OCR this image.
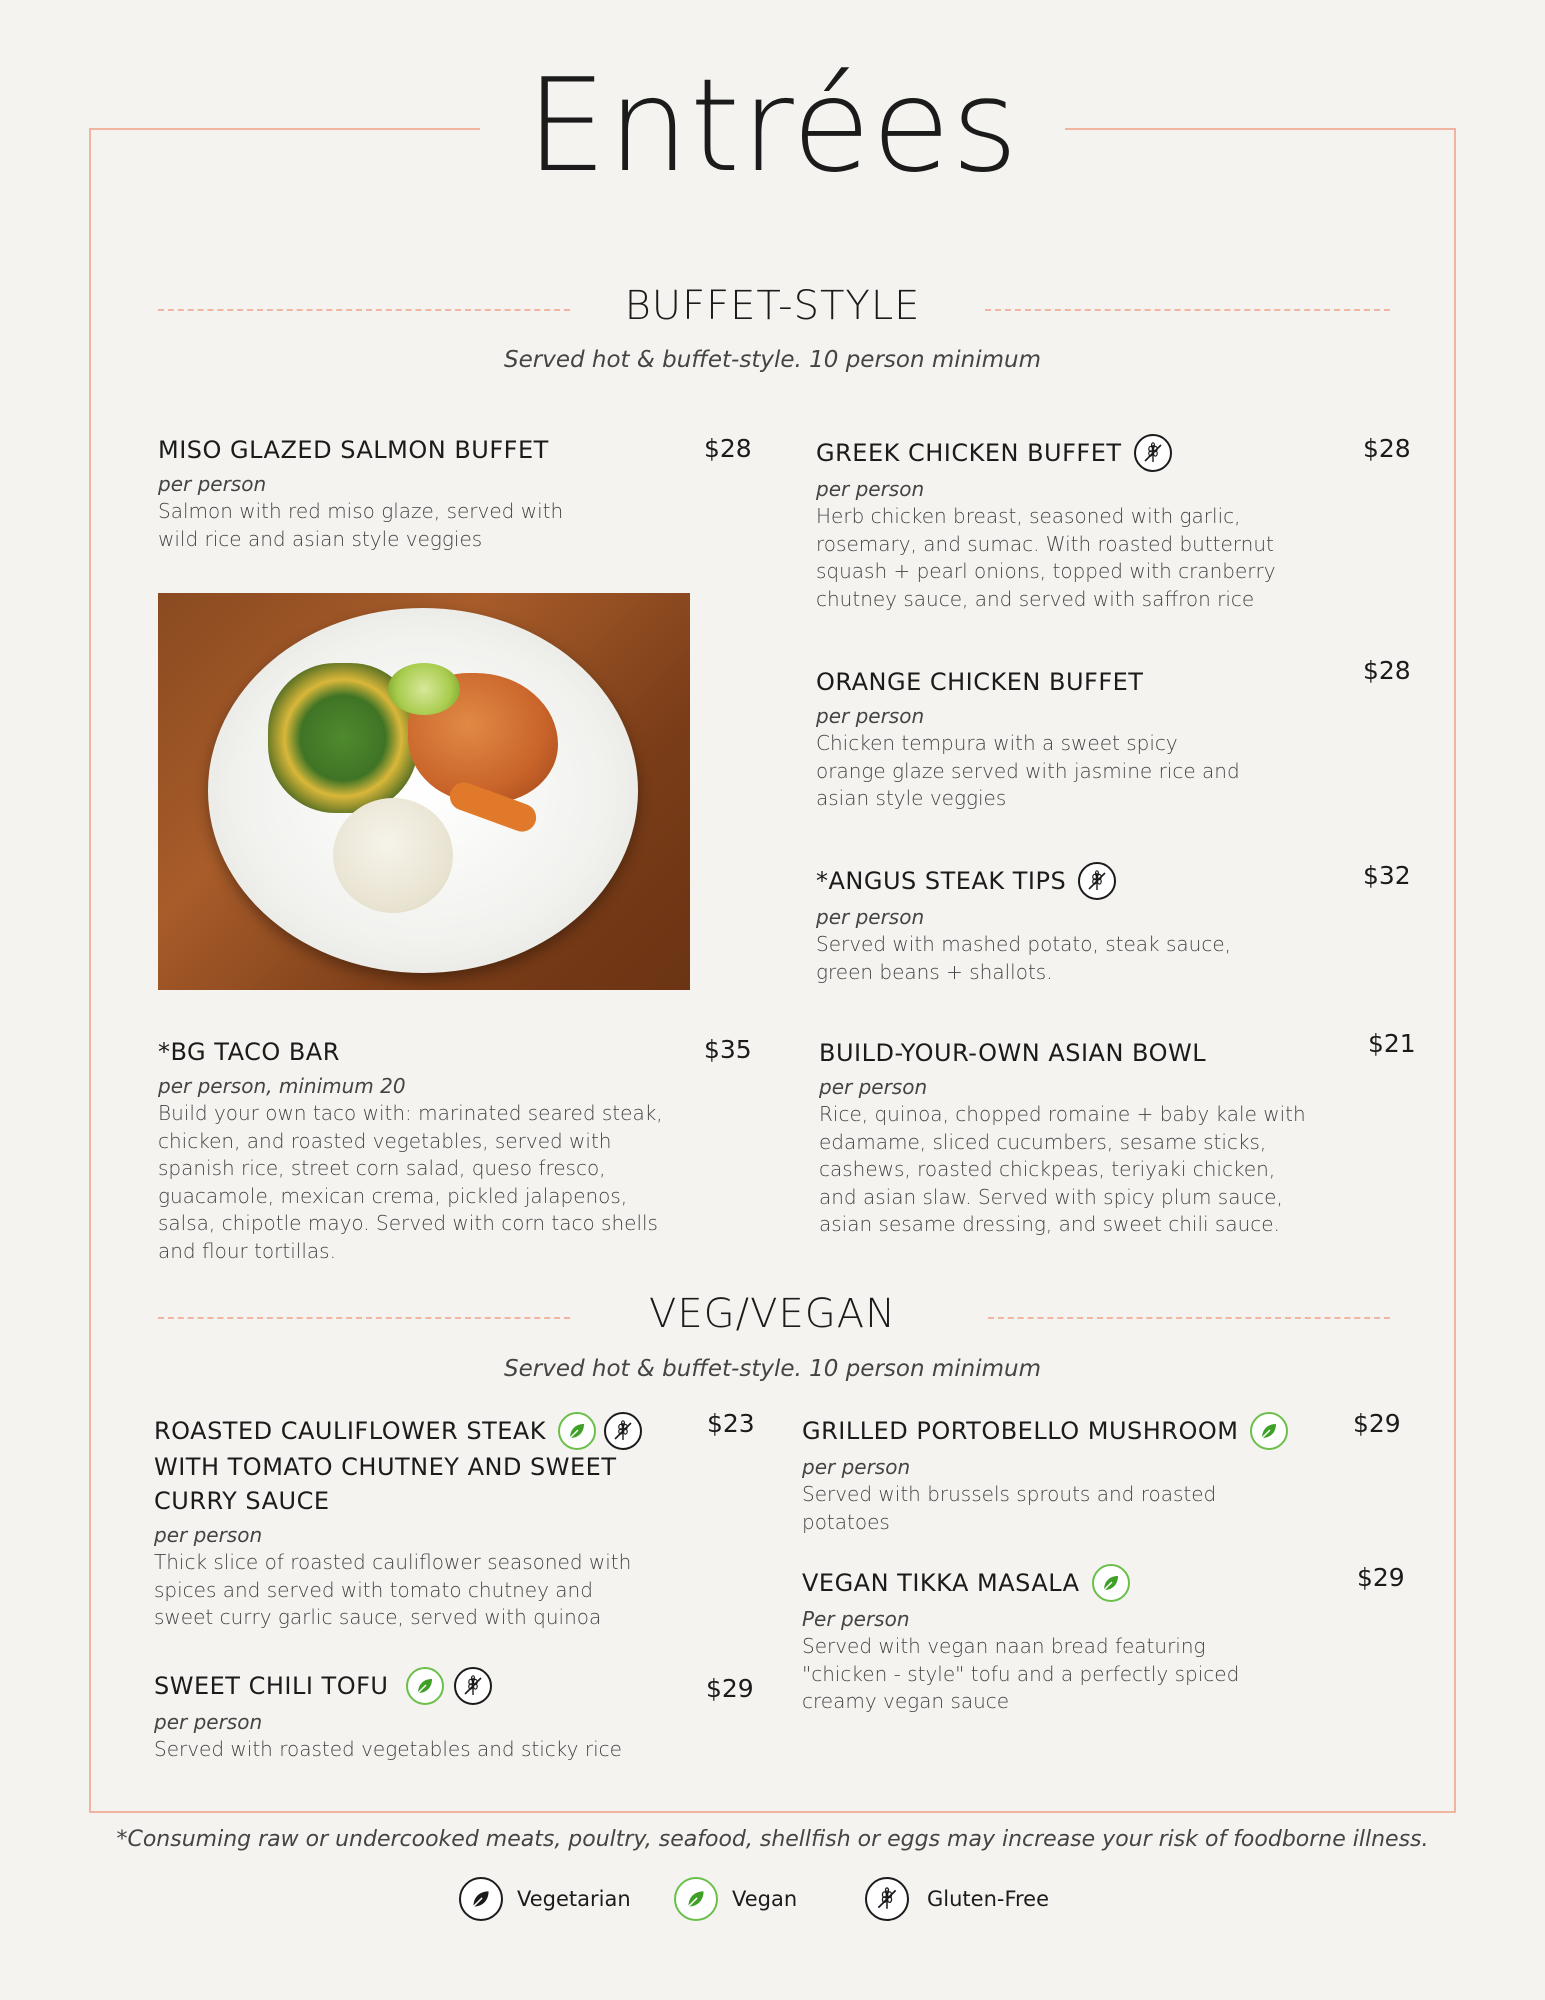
Entrées
BUFFET-STYLE
Served hot & buffet-style. 10 person minimum
MISO GLAZED SALMON BUFFET
per person
Salmon with red miso glaze, served with
wild rice and asian style veggies
$28	GREEK CHICKEN BUFFET
per person
Herb chicken breast, seasoned with garlic,
rosemary, and sumac. With roasted butternut
squash + pearl onions, topped with cranberry
chutney sauce, and served with saffron rice
$28
ORANGE CHICKEN BUFFET
per person
Chicken tempura with a sweet spicy
orange glaze served with jasmine rice and
asian style veggies
$28
*ANGUS STEAK TIPS
per person
Served with mashed potato, steak sauce,
green beans + shallots.
$32
*BG TACO BAR
per person, minimum 20
Build your own taco with: marinated seared steak,
chicken, and roasted vegetables, served with
spanish rice, street corn salad, queso fresco,
guacamole, mexican crema, pickled jalapenos,
salsa, chipotle mayo. Served with corn taco shells
and flour tortillas.
$35	BUILD-YOUR-OWN ASIAN BOWL
per person
Rice, quinoa, chopped romaine + baby kale with
edamame, sliced cucumbers, sesame sticks,
cashews, roasted chickpeas, teriyaki chicken,
and asian slaw. Served with spicy plum sauce,
asian sesame dressing, and sweet chili sauce.
$21
VEG/VEGAN
Served hot & buffet-style. 10 person minimum
ROASTED CAULIFLOWER STEAK
WITH TOMATO CHUTNEY AND SWEET
CURRY SAUCE
per person
Thick slice of roasted cauliflower seasoned with
spices and served with tomato chutney and
sweet curry garlic sauce, served with quinoa
$23
SWEET CHILI TOFU
per person
Served with roasted vegetables and sticky rice
$29
GRILLED PORTOBELLO MUSHROOM
per person
Served with brussels sprouts and roasted
potatoes
$29
VEGAN TIKKA MASALA
Per person
Served with vegan naan bread featuring
"chicken - style" tofu and a perfectly spiced
creamy vegan sauce
$29
*Consuming raw or undercooked meats, poultry, seafood, shellfish or eggs may increase your risk of foodborne illness.
Vegetarian	Vegan	Gluten-Free
